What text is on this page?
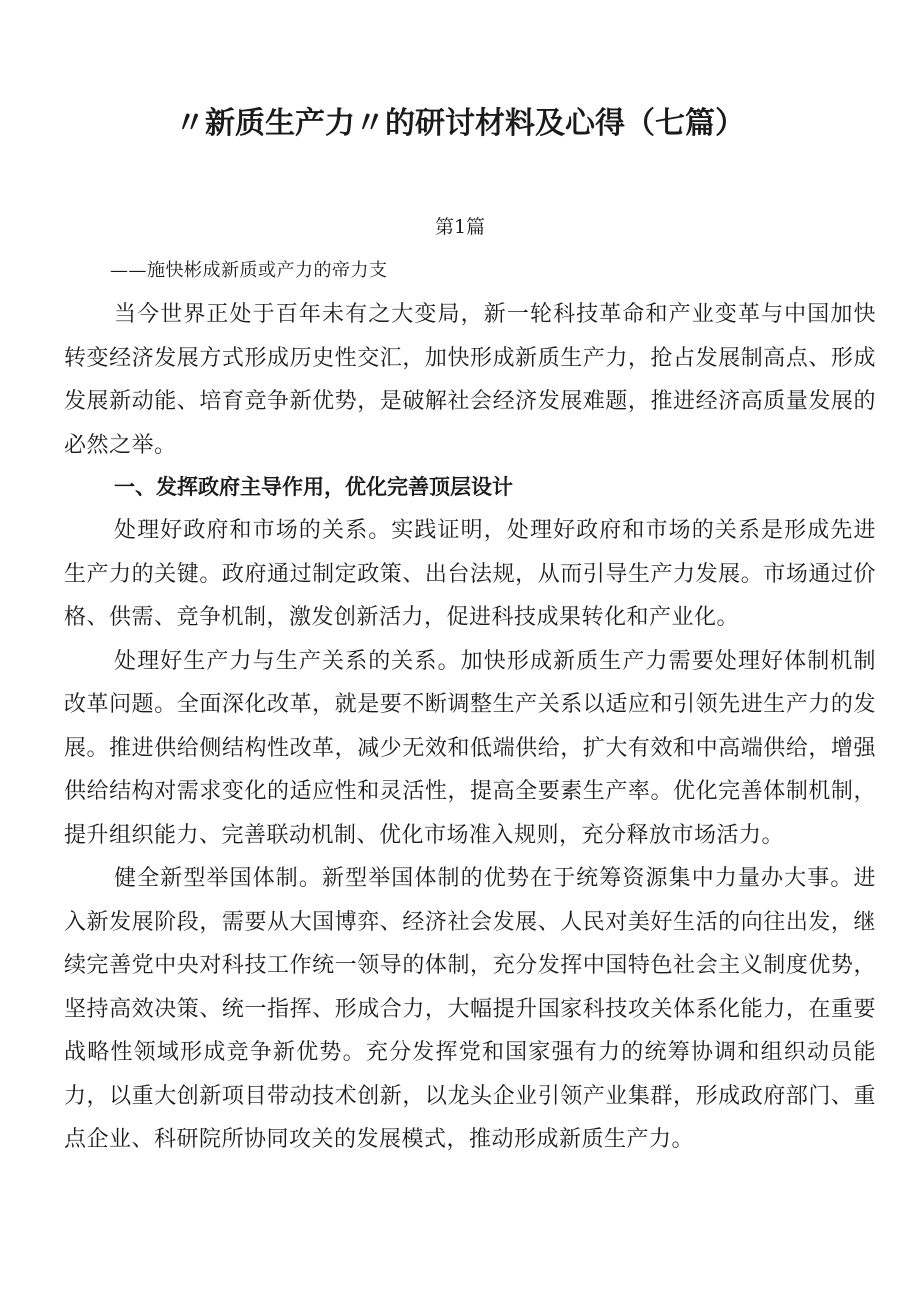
〃新质生产力〃的研讨材料及心得（七篇）

第1篇

——施快彬成新质或产力的帝力支

当今世界正处于百年未有之大变局，新一轮科技革命和产业变革与中国加快转变经济发展方式形成历史性交汇，加快形成新质生产力，抢占发展制高点、形成发展新动能、培育竞争新优势，是破解社会经济发展难题，推进经济高质量发展的必然之举。

一、发挥政府主导作用，优化完善顶层设计

处理好政府和市场的关系。实践证明，处理好政府和市场的关系是形成先进生产力的关键。政府通过制定政策、出台法规，从而引导生产力发展。市场通过价格、供需、竞争机制，激发创新活力，促进科技成果转化和产业化。

处理好生产力与生产关系的关系。加快形成新质生产力需要处理好体制机制改革问题。全面深化改革，就是要不断调整生产关系以适应和引领先进生产力的发展。推进供给侧结构性改革，减少无效和低端供给，扩大有效和中高端供给，增强供给结构对需求变化的适应性和灵活性，提高全要素生产率。优化完善体制机制，提升组织能力、完善联动机制、优化市场准入规则，充分释放市场活力。

健全新型举国体制。新型举国体制的优势在于统筹资源集中力量办大事。进入新发展阶段，需要从大国博弈、经济社会发展、人民对美好生活的向往出发，继续完善党中央对科技工作统一领导的体制，充分发挥中国特色社会主义制度优势，坚持高效决策、统一指挥、形成合力，大幅提升国家科技攻关体系化能力，在重要战略性领域形成竞争新优势。充分发挥党和国家强有力的统筹协调和组织动员能力，以重大创新项目带动技术创新，以龙头企业引领产业集群，形成政府部门、重点企业、科研院所协同攻关的发展模式，推动形成新质生产力。
